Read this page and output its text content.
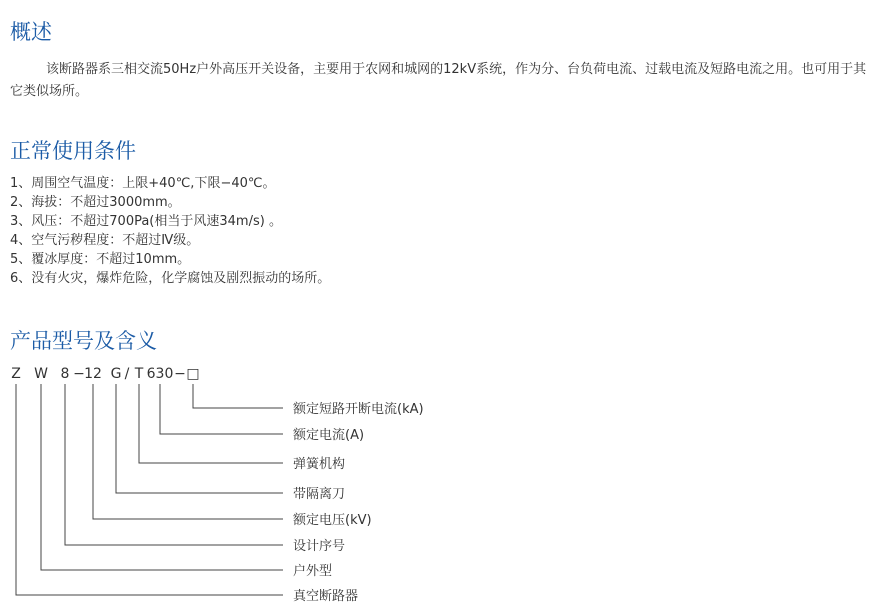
概述

该断路器系三相交流50Hz户外高压开关设备，主要用于农网和城网的12kV系统，作为分、台负荷电流、过载电流及短路电流之用。也可用于其它类似场所。

正常使用条件

1、周围空气温度：上限+40℃,下限−40℃。

2、海拔：不超过3000mm。

3、风压：不超过700Pa(相当于风速34m/s) 。

4、空气污秽程度：不超过Ⅳ级。

5、覆冰厚度：不超过10mm。

6、没有火灾，爆炸危险，化学腐蚀及剧烈振动的场所。

产品型号及含义
Z W 8 − 12 G / T 630 − □
额定短路开断电流(kA)
额定电流(A)
弹簧机构
带隔离刀
额定电压(kV)
设计序号
户外型
真空断路器
